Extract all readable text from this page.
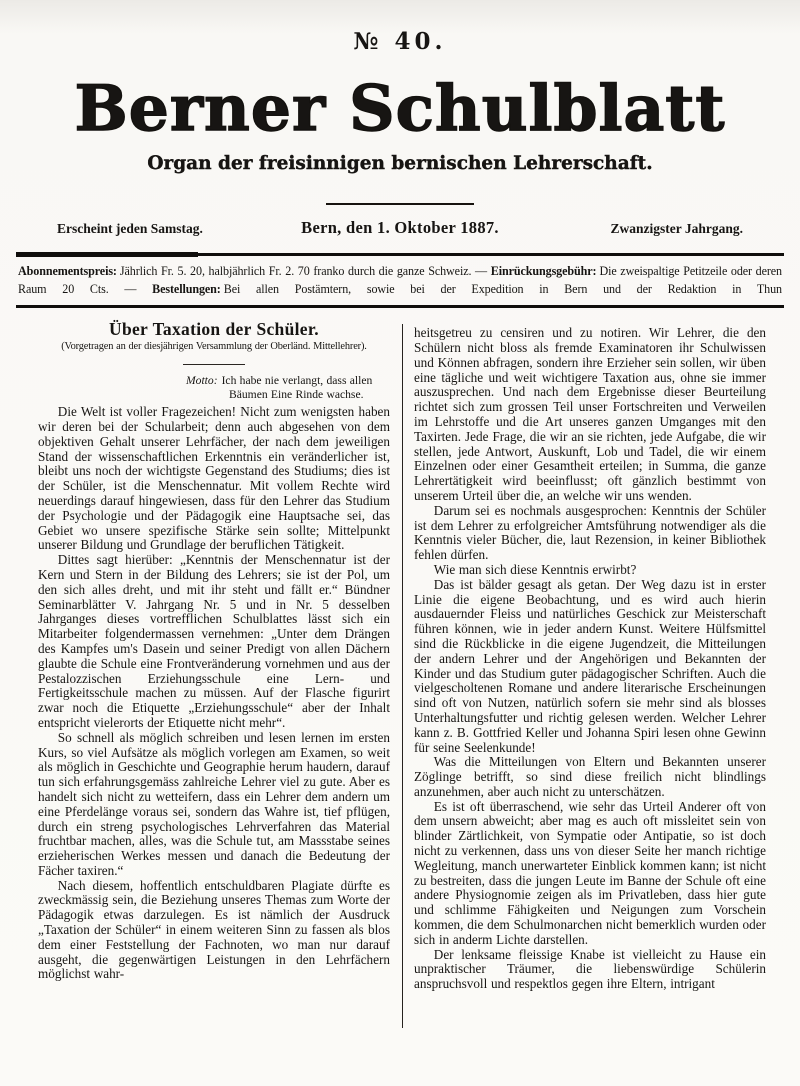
№ 40.
Berner Schulblatt
Organ der freisinnigen bernischen Lehrerschaft.
Erscheint jeden Samstag.	Bern, den 1. Oktober 1887.	Zwanzigster Jahrgang.
Abonnementspreis: Jährlich Fr. 5. 20, halbjährlich Fr. 2. 70 franko durch die ganze Schweiz. — Einrückungsgebühr: Die zweispaltige Petitzeile oder deren Raum 20 Cts. — Bestellungen: Bei allen Postämtern, sowie bei der Expedition in Bern und der Redaktion in Thun
Über Taxation der Schüler.
(Vorgetragen an der diesjährigen Versammlung der Oberländ. Mittellehrer).
Motto: Ich habe nie verlangt, dass allen Bäumen Eine Rinde wachse.

Die Welt ist voller Fragezeichen! Nicht zum wenigsten haben wir deren bei der Schularbeit; denn auch abgesehen von dem objektiven Gehalt unserer Lehrfächer, der nach dem jeweiligen Stand der wissenschaftlichen Erkenntnis ein veränderlicher ist, bleibt uns noch der wichtigste Gegenstand des Studiums; dies ist der Schüler, ist die Menschennatur. Mit vollem Rechte wird neuerdings darauf hingewiesen, dass für den Lehrer das Studium der Psychologie und der Pädagogik eine Hauptsache sei, das Gebiet wo unsere spezifische Stärke sein sollte; Mittelpunkt unserer Bildung und Grundlage der beruflichen Tätigkeit.

Dittes sagt hierüber: „Kenntnis der Menschennatur ist der Kern und Stern in der Bildung des Lehrers; sie ist der Pol, um den sich alles dreht, und mit ihr steht und fällt er.“ Bündner Seminarblätter V. Jahrgang Nr. 5 und in Nr. 5 desselben Jahrganges dieses vortrefflichen Schulblattes lässt sich ein Mitarbeiter folgendermassen vernehmen: „Unter dem Drängen des Kampfes um's Dasein und seiner Predigt von allen Dächern glaubte die Schule eine Frontveränderung vornehmen und aus der Pestalozzischen Erziehungsschule eine Lern- und Fertigkeitsschule machen zu müssen. Auf der Flasche figurirt zwar noch die Etiquette „Erziehungsschule“ aber der Inhalt entspricht vielerorts der Etiquette nicht mehr“.

So schnell als möglich schreiben und lesen lernen im ersten Kurs, so viel Aufsätze als möglich vorlegen am Examen, so weit als möglich in Geschichte und Geographie herum haudern, darauf tun sich erfahrungsgemäss zahlreiche Lehrer viel zu gute. Aber es handelt sich nicht zu wetteifern, dass ein Lehrer dem andern um eine Pferdelänge voraus sei, sondern das Wahre ist, tief pflügen, durch ein streng psychologisches Lehrverfahren das Material fruchtbar machen, alles, was die Schule tut, am Massstabe seines erzieherischen Werkes messen und danach die Bedeutung der Fächer taxiren.“

Nach diesem, hoffentlich entschuldbaren Plagiate dürfte es zweckmässig sein, die Beziehung unseres Themas zum Worte der Pädagogik etwas darzulegen. Es ist nämlich der Ausdruck „Taxation der Schüler“ in einem weiteren Sinn zu fassen als blos dem einer Feststellung der Fachnoten, wo man nur darauf ausgeht, die gegenwärtigen Leistungen in den Lehrfächern möglichst wahr-

heitsgetreu zu censiren und zu notiren. Wir Lehrer, die den Schülern nicht bloss als fremde Examinatoren ihr Schulwissen und Können abfragen, sondern ihre Erzieher sein sollen, wir üben eine tägliche und weit wichtigere Taxation aus, ohne sie immer auszusprechen. Und nach dem Ergebnisse dieser Beurteilung richtet sich zum grossen Teil unser Fortschreiten und Verweilen im Lehrstoffe und die Art unseres ganzen Umganges mit den Taxirten. Jede Frage, die wir an sie richten, jede Aufgabe, die wir stellen, jede Antwort, Auskunft, Lob und Tadel, die wir einem Einzelnen oder einer Gesamtheit erteilen; in Summa, die ganze Lehrertätigkeit wird beeinflusst; oft gänzlich bestimmt von unserem Urteil über die, an welche wir uns wenden.

Darum sei es nochmals ausgesprochen: Kenntnis der Schüler ist dem Lehrer zu erfolgreicher Amtsführung notwendiger als die Kenntnis vieler Bücher, die, laut Rezension, in keiner Bibliothek fehlen dürfen.

Wie man sich diese Kenntnis erwirbt?

Das ist bälder gesagt als getan. Der Weg dazu ist in erster Linie die eigene Beobachtung, und es wird auch hierin ausdauernder Fleiss und natürliches Geschick zur Meisterschaft führen können, wie in jeder andern Kunst. Weitere Hülfsmittel sind die Rückblicke in die eigene Jugendzeit, die Mitteilungen der andern Lehrer und der Angehörigen und Bekannten der Kinder und das Studium guter pädagogischer Schriften. Auch die vielgescholtenen Romane und andere literarische Erscheinungen sind oft von Nutzen, natürlich sofern sie mehr sind als blosses Unterhaltungsfutter und richtig gelesen werden. Welcher Lehrer kann z. B. Gottfried Keller und Johanna Spiri lesen ohne Gewinn für seine Seelenkunde!

Was die Mitteilungen von Eltern und Bekannten unserer Zöglinge betrifft, so sind diese freilich nicht blindlings anzunehmen, aber auch nicht zu unterschätzen.

Es ist oft überraschend, wie sehr das Urteil Anderer oft von dem unsern abweicht; aber mag es auch oft missleitet sein von blinder Zärtlichkeit, von Sympatie oder Antipatie, so ist doch nicht zu verkennen, dass uns von dieser Seite her manch richtige Wegleitung, manch unerwarteter Einblick kommen kann; ist nicht zu bestreiten, dass die jungen Leute im Banne der Schule oft eine andere Physiognomie zeigen als im Privatleben, dass hier gute und schlimme Fähigkeiten und Neigungen zum Vorschein kommen, die dem Schulmonarchen nicht bemerklich wurden oder sich in anderm Lichte darstellen.

Der lenksame fleissige Knabe ist vielleicht zu Hause ein unpraktischer Träumer, die liebenswürdige Schülerin anspruchsvoll und respektlos gegen ihre Eltern, intrigant
